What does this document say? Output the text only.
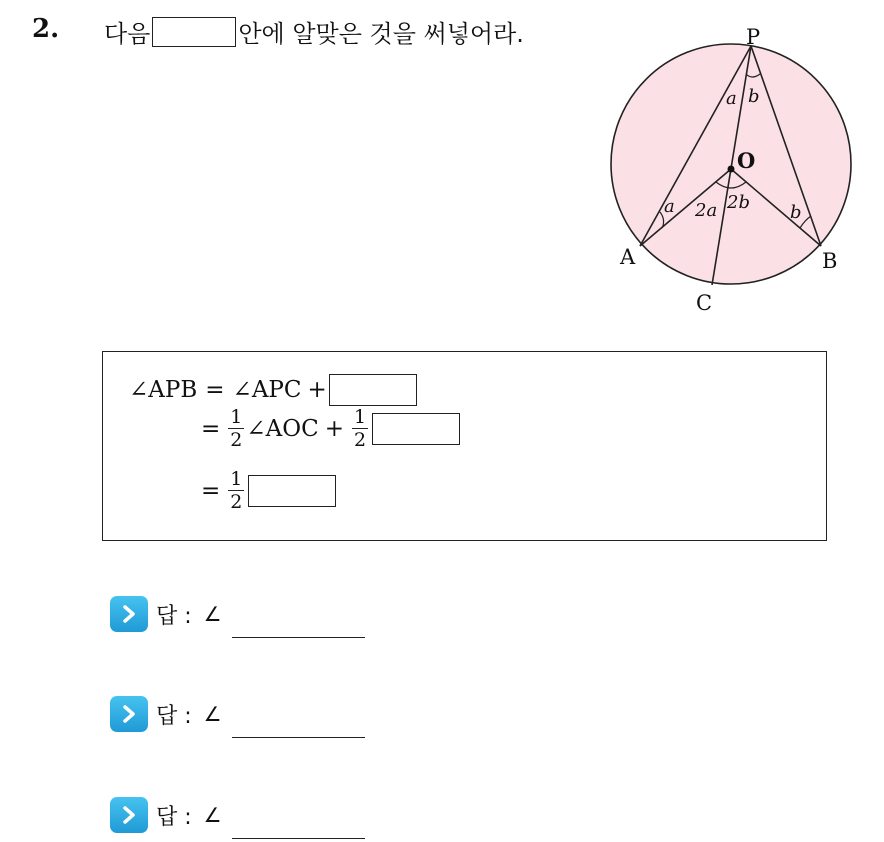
2. 다음	안에 알맞은 것을 써넣어라.	P
O
A	B
C
a b
a	b
2a 2b
∠APB = ∠APC +
= $\frac{1}{2}$ ∠AOC + $\frac{1}{2}$
= $\frac{1}{2}$
답 : ∠
답 : ∠
답 : ∠
